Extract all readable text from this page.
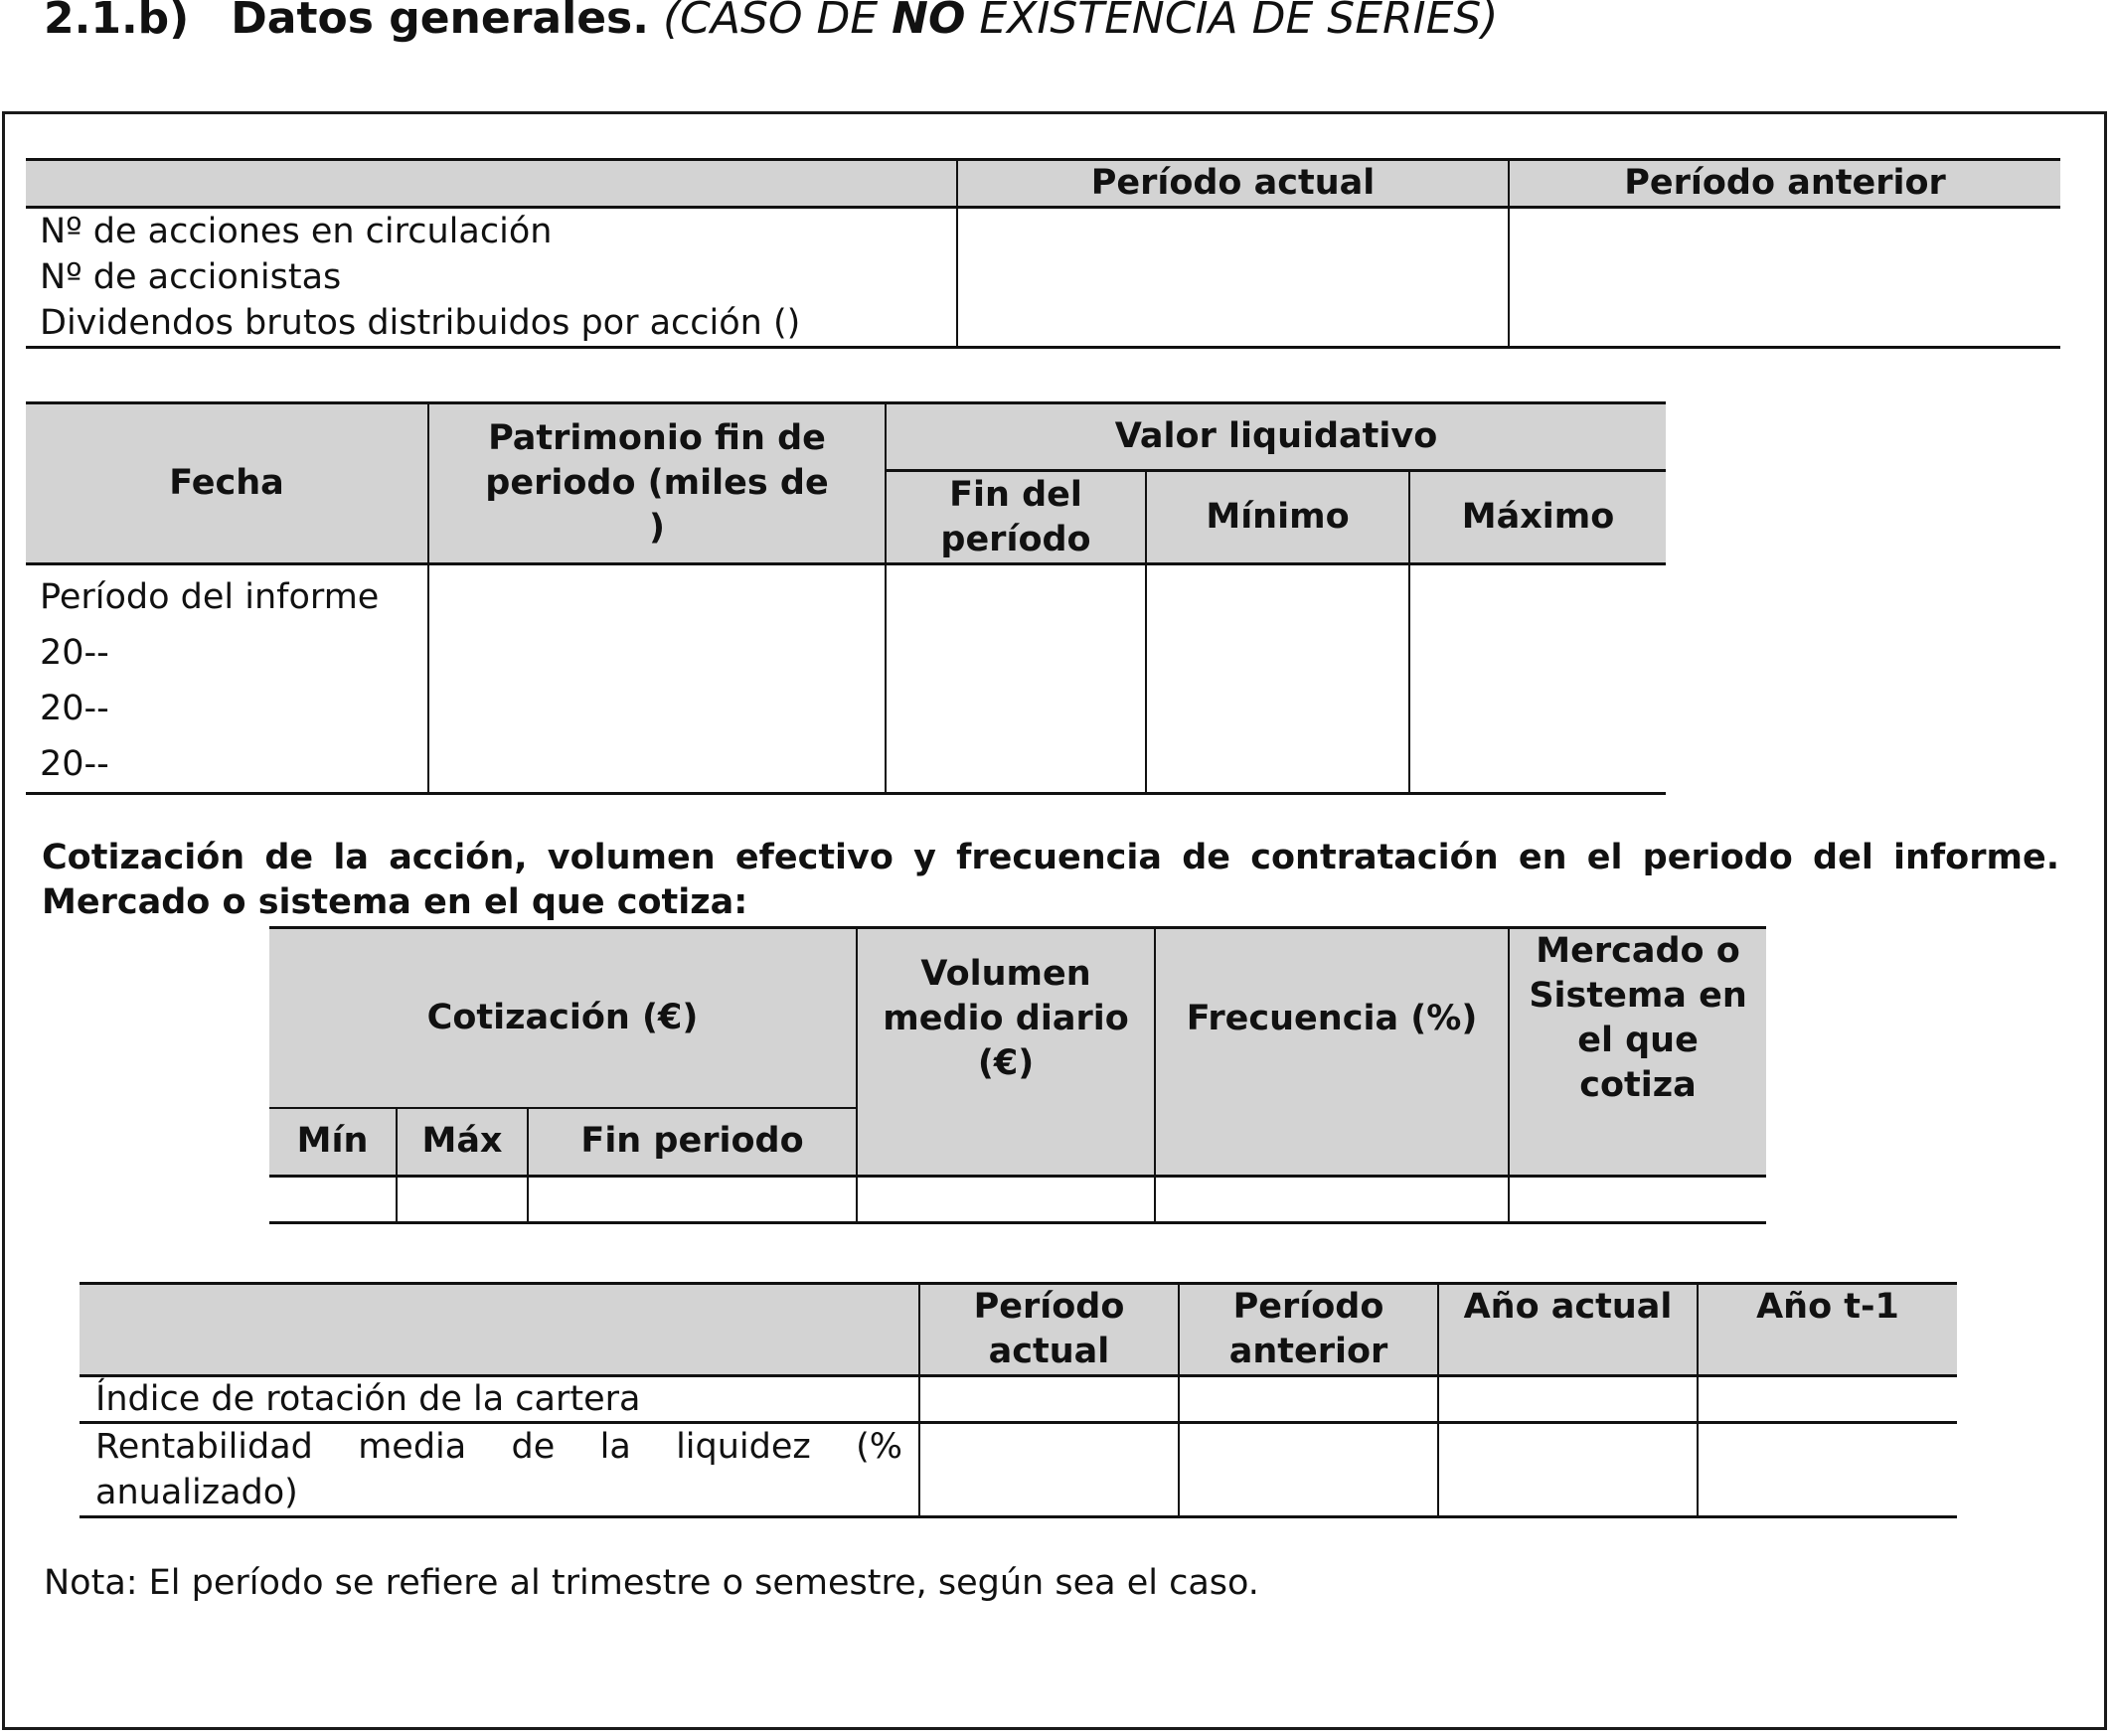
2.1.b) Datos generales. (CASO DE NO EXISTENCIA DE SERIES)
	Período actual	Período anterior

Nº de acciones en circulación
Nº de accionistas
Dividendos brutos distribuidos por acción ()		

Fecha	Patrimonio fin de periodo (miles de )	Valor liquidativo		
		Fin del período	Mínimo	Máximo

Período del informe
20--
20--
20--				

Cotización de la acción, volumen efectivo y frecuencia de contratación en el periodo del informe. Mercado o sistema en el que cotiza:
Cotización (€)			Volumen medio diario (€)	Frecuencia (%)	Mercado o Sistema en el que cotiza
Mín	Máx	Fin periodo			

	Período actual	Período anterior	Año actual	Año t-1
Índice de rotación de la cartera				
Rentabilidad media de la liquidez (% anualizado)				
Nota: El período se refiere al trimestre o semestre, según sea el caso.
